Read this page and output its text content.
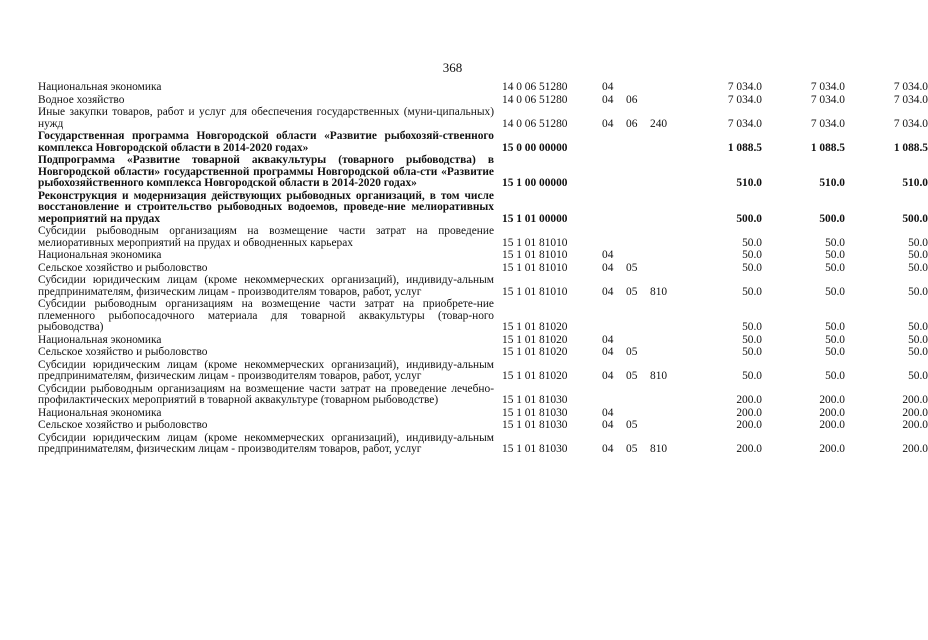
368
Национальная экономика	14 0 06 51280	04			7 034.0	7 034.0	7 034.0
Водное хозяйство	14 0 06 51280	04	06		7 034.0	7 034.0	7 034.0
Иные закупки товаров, работ и услуг для обеспечения государственных (муни-ципальных) нужд	14 0 06 51280	04	06	240	7 034.0	7 034.0	7 034.0
Государственная программа Новгородской области «Развитие рыбохозяй-ственного комплекса Новгородской области в 2014-2020 годах»	15 0 00 00000				1 088.5	1 088.5	1 088.5
Подпрограмма «Развитие товарной аквакультуры (товарного рыбоводства) в Новгородской области» государственной программы Новгородской обла-сти «Развитие рыбохозяйственного комплекса Новгородской области в 2014-2020 годах»	15 1 00 00000				510.0	510.0	510.0
Реконструкция и модернизация действующих рыбоводных организаций, в том числе восстановление и строительство рыбоводных водоемов, проведе-ние мелиоративных мероприятий на прудах	15 1 01 00000				500.0	500.0	500.0
Субсидии рыбоводным организациям на возмещение части затрат на проведение мелиоративных мероприятий на прудах и обводненных карьерах	15 1 01 81010				50.0	50.0	50.0
Национальная экономика	15 1 01 81010	04			50.0	50.0	50.0
Сельское хозяйство и рыболовство	15 1 01 81010	04	05		50.0	50.0	50.0
Субсидии юридическим лицам (кроме некоммерческих организаций), индивиду-альным предпринимателям, физическим лицам - производителям товаров, работ, услуг	15 1 01 81010	04	05	810	50.0	50.0	50.0
Субсидии рыбоводным организациям на возмещение части затрат на приобрете-ние племенного рыбопосадочного материала для товарной аквакультуры (товар-ного рыбоводства)	15 1 01 81020				50.0	50.0	50.0
Национальная экономика	15 1 01 81020	04			50.0	50.0	50.0
Сельское хозяйство и рыболовство	15 1 01 81020	04	05		50.0	50.0	50.0
Субсидии юридическим лицам (кроме некоммерческих организаций), индивиду-альным предпринимателям, физическим лицам - производителям товаров, работ, услуг	15 1 01 81020	04	05	810	50.0	50.0	50.0
Субсидии рыбоводным организациям на возмещение части затрат на проведение лечебно-профилактических мероприятий в товарной аквакультуре (товарном рыбоводстве)	15 1 01 81030				200.0	200.0	200.0
Национальная экономика	15 1 01 81030	04			200.0	200.0	200.0
Сельское хозяйство и рыболовство	15 1 01 81030	04	05		200.0	200.0	200.0
Субсидии юридическим лицам (кроме некоммерческих организаций), индивиду-альным предпринимателям, физическим лицам - производителям товаров, работ, услуг	15 1 01 81030	04	05	810	200.0	200.0	200.0
